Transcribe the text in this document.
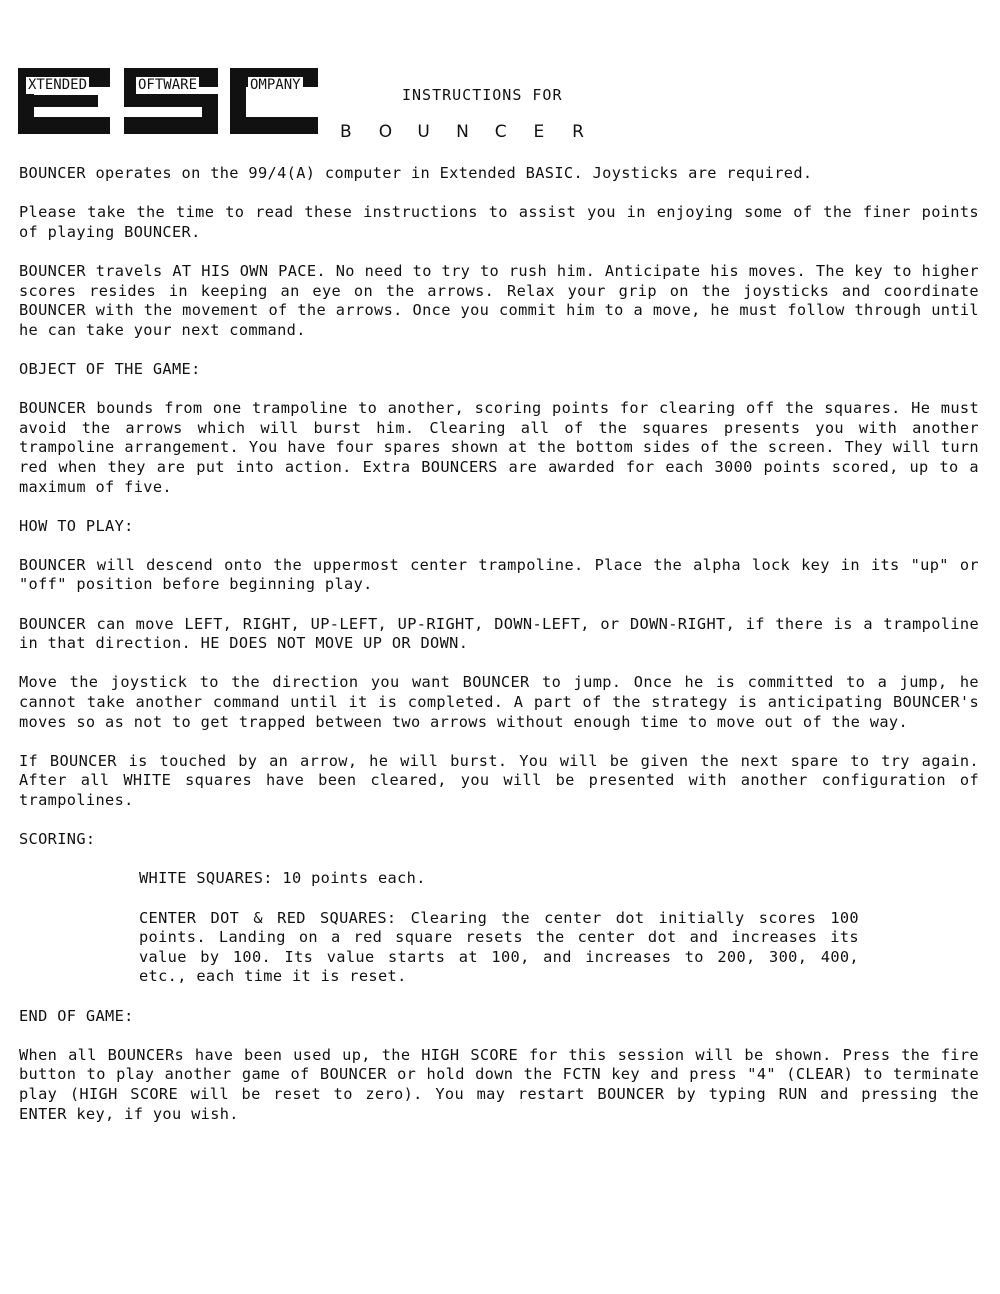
XTENDED	OFTWARE	OMPANY
INSTRUCTIONS FOR
B O U N C E R

BOUNCER operates on the 99/4(A) computer in Extended BASIC. Joysticks are required.

Please take the time to read these instructions to assist you in enjoying some of the finer points of playing BOUNCER.

BOUNCER travels AT HIS OWN PACE. No need to try to rush him. Anticipate his moves. The key to higher scores resides in keeping an eye on the arrows. Relax your grip on the joysticks and coordinate BOUNCER with the movement of the arrows. Once you commit him to a move, he must follow through until he can take your next command.

OBJECT OF THE GAME:

BOUNCER bounds from one trampoline to another, scoring points for clearing off the squares. He must avoid the arrows which will burst him. Clearing all of the squares presents you with another trampoline arrangement. You have four spares shown at the bottom sides of the screen. They will turn red when they are put into action. Extra BOUNCERS are awarded for each 3000 points scored, up to a maximum of five.

HOW TO PLAY:

BOUNCER will descend onto the uppermost center trampoline. Place the alpha lock key in its "up" or "off" position before beginning play.

BOUNCER can move LEFT, RIGHT, UP-LEFT, UP-RIGHT, DOWN-LEFT, or DOWN-RIGHT, if there is a trampoline in that direction. HE DOES NOT MOVE UP OR DOWN.

Move the joystick to the direction you want BOUNCER to jump. Once he is committed to a jump, he cannot take another command until it is completed. A part of the strategy is anticipating BOUNCER's moves so as not to get trapped between two arrows without enough time to move out of the way.

If BOUNCER is touched by an arrow, he will burst. You will be given the next spare to try again. After all WHITE squares have been cleared, you will be presented with another configuration of trampolines.

SCORING:

WHITE SQUARES: 10 points each.

CENTER DOT & RED SQUARES: Clearing the center dot initially scores 100 points. Landing on a red square resets the center dot and increases its value by 100. Its value starts at 100, and increases to 200, 300, 400, etc., each time it is reset.

END OF GAME:

When all BOUNCERs have been used up, the HIGH SCORE for this session will be shown. Press the fire button to play another game of BOUNCER or hold down the FCTN key and press "4" (CLEAR) to terminate play (HIGH SCORE will be reset to zero). You may restart BOUNCER by typing RUN and pressing the ENTER key, if you wish.
